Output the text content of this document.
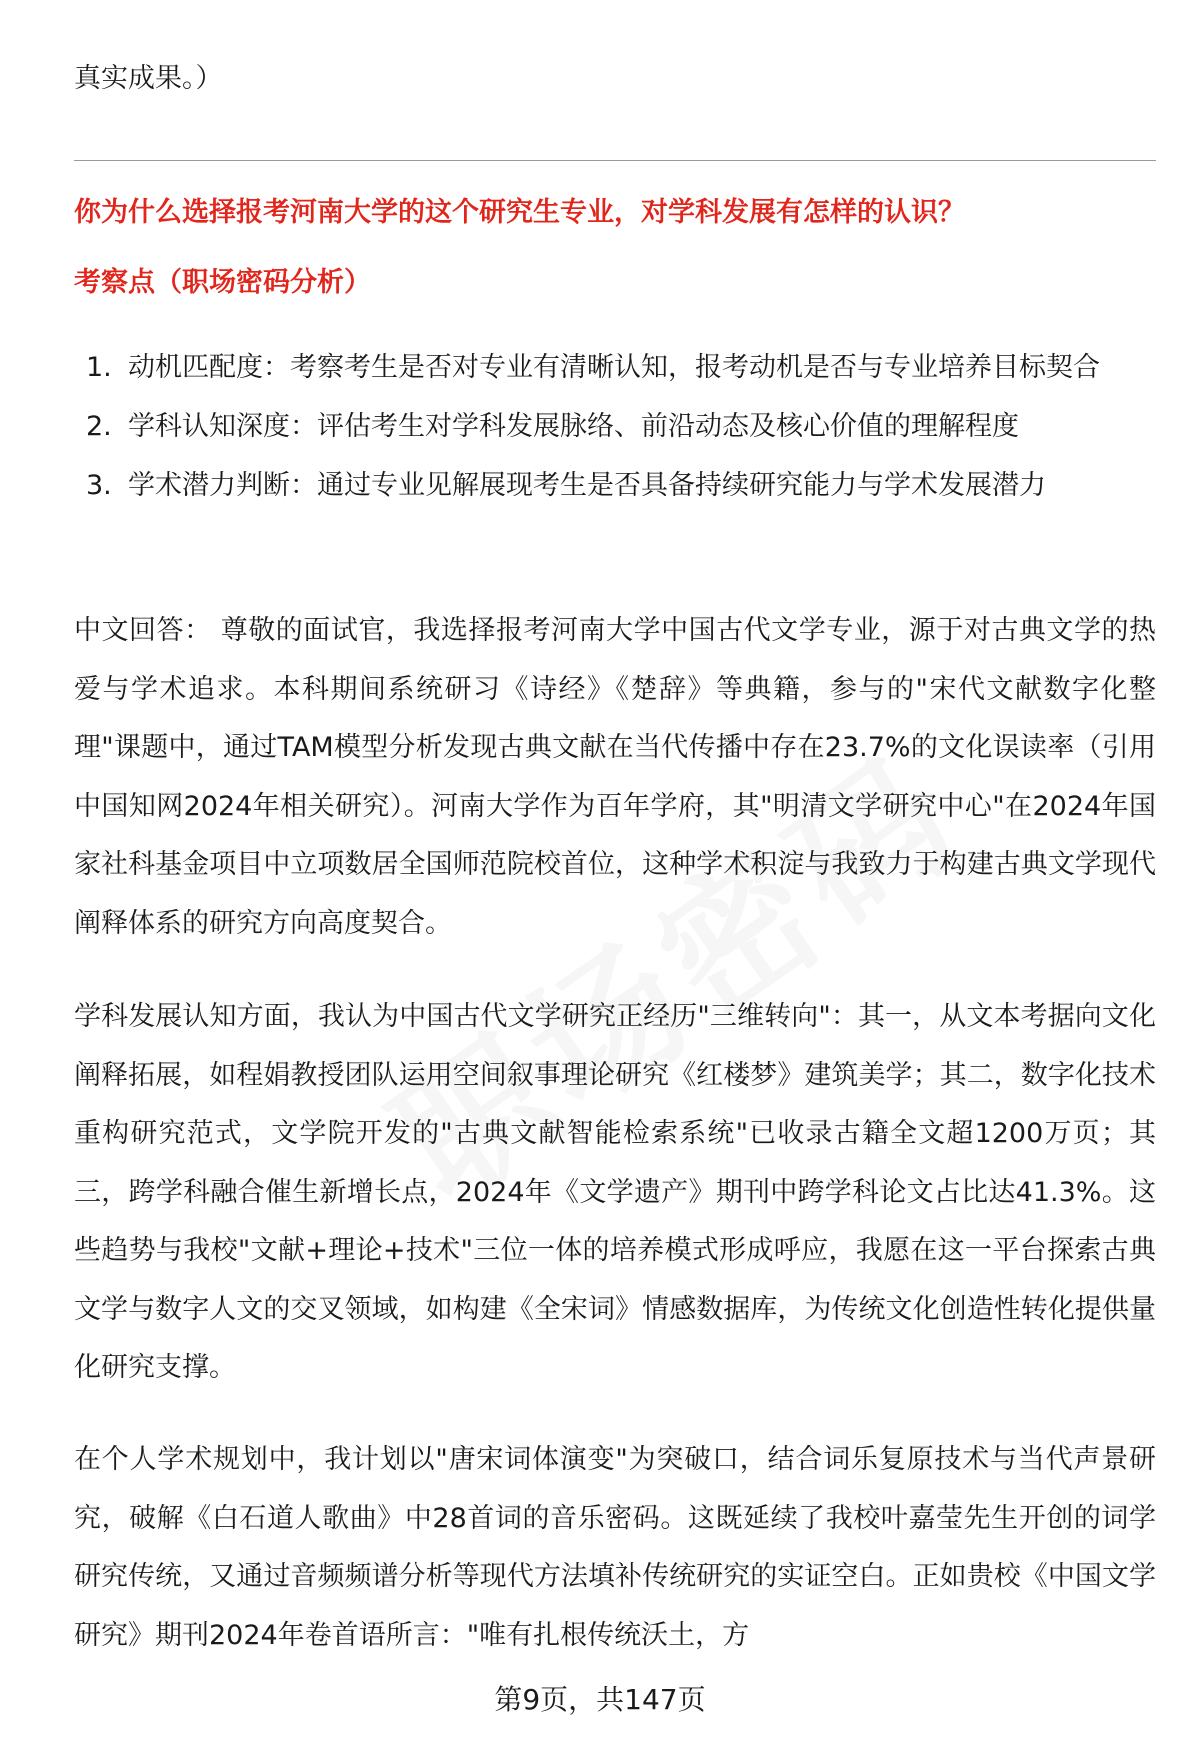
真实成果。）

你为什么选择报考河南大学的这个研究生专业，对学科发展有怎样的认识？

考察点（职场密码分析）

1. 动机匹配度：考察考生是否对专业有清晰认知，报考动机是否与专业培养目标契合
2. 学科认知深度：评估考生对学科发展脉络、前沿动态及核心价值的理解程度
3. 学术潜力判断：通过专业见解展现考生是否具备持续研究能力与学术发展潜力

中文回答： 尊敬的面试官，我选择报考河南大学中国古代文学专业，源于对古典文学的热爱与学术追求。本科期间系统研习《诗经》《楚辞》等典籍，参与的"宋代文献数字化整理"课题中，通过TAM模型分析发现古典文献在当代传播中存在23.7%的文化误读率（引用中国知网2024年相关研究）。河南大学作为百年学府，其"明清文学研究中心"在2024年国家社科基金项目中立项数居全国师范院校首位，这种学术积淀与我致力于构建古典文学现代阐释体系的研究方向高度契合。

学科发展认知方面，我认为中国古代文学研究正经历"三维转向"：其一，从文本考据向文化阐释拓展，如程娟教授团队运用空间叙事理论研究《红楼梦》建筑美学；其二，数字化技术重构研究范式，文学院开发的"古典文献智能检索系统"已收录古籍全文超1200万页；其三，跨学科融合催生新增长点，2024年《文学遗产》期刊中跨学科论文占比达41.3%。这些趋势与我校"文献+理论+技术"三位一体的培养模式形成呼应，我愿在这一平台探索古典文学与数字人文的交叉领域，如构建《全宋词》情感数据库，为传统文化创造性转化提供量化研究支撑。

在个人学术规划中，我计划以"唐宋词体演变"为突破口，结合词乐复原技术与当代声景研究，破解《白石道人歌曲》中28首词的音乐密码。这既延续了我校叶嘉莹先生开创的词学研究传统，又通过音频频谱分析等现代方法填补传统研究的实证空白。正如贵校《中国文学研究》期刊2024年卷首语所言："唯有扎根传统沃土，方

第9页，共147页
